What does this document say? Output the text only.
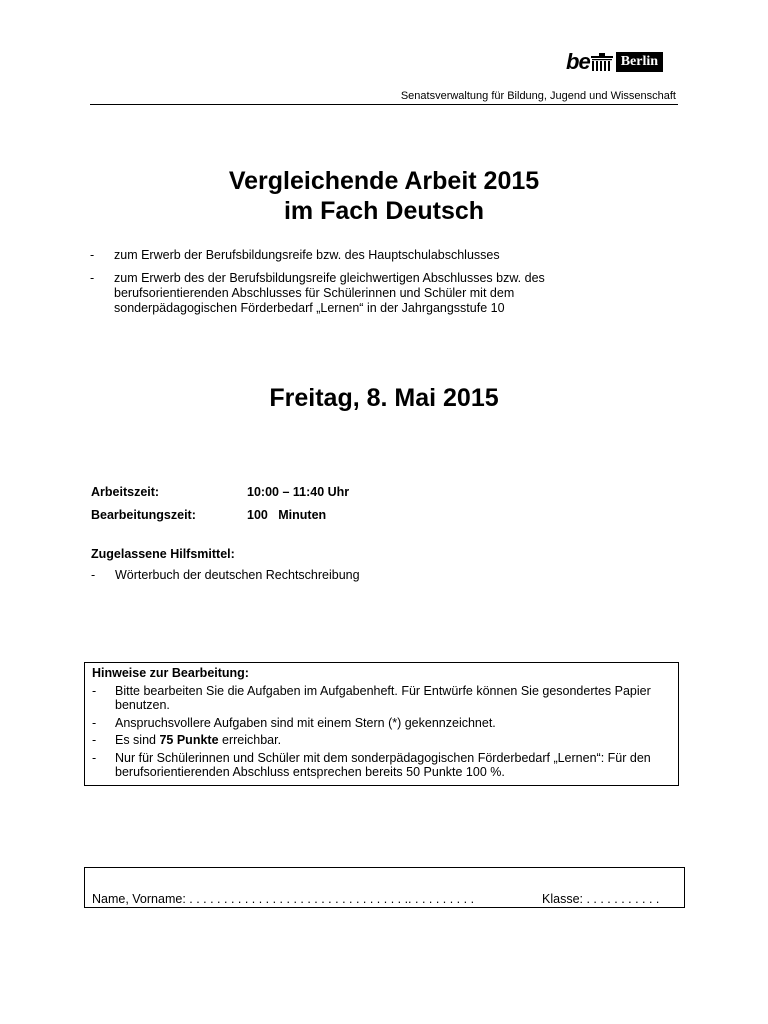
be	Berlin
Senatsverwaltung für Bildung, Jugend und Wissenschaft
Vergleichende Arbeit 2015
im Fach Deutsch
-	zum Erwerb der Berufsbildungsreife bzw. des Hauptschulabschlusses
-	zum Erwerb des der Berufsbildungsreife gleichwertigen Abschlusses bzw. des berufsorientierenden Abschlusses für Schülerinnen und Schüler mit dem sonderpädagogischen Förderbedarf „Lernen“ in der Jahrgangsstufe 10
Freitag, 8. Mai 2015
Arbeitszeit:	10:00 – 11:40 Uhr
Bearbeitungszeit:	100   Minuten
Zugelassene Hilfsmittel:
-	Wörterbuch der deutschen Rechtschreibung
Hinweise zur Bearbeitung:
-	Bitte bearbeiten Sie die Aufgaben im Aufgabenheft. Für Entwürfe können Sie gesondertes Papier benutzen.
-	Anspruchsvollere Aufgaben sind mit einem Stern (*) gekennzeichnet.
-	Es sind 75 Punkte erreichbar.
-	Nur für Schülerinnen und Schüler mit dem sonderpädagogischen Förderbedarf „Lernen“: Für den berufsorientierenden Abschluss entsprechen bereits 50 Punkte 100 %.
Name, Vorname: . . . . . . . . . . . . . . . . . . . . . . . . . . . . . . . .. . . . . . . . . .	Klasse: . . . . . . . . . . .
